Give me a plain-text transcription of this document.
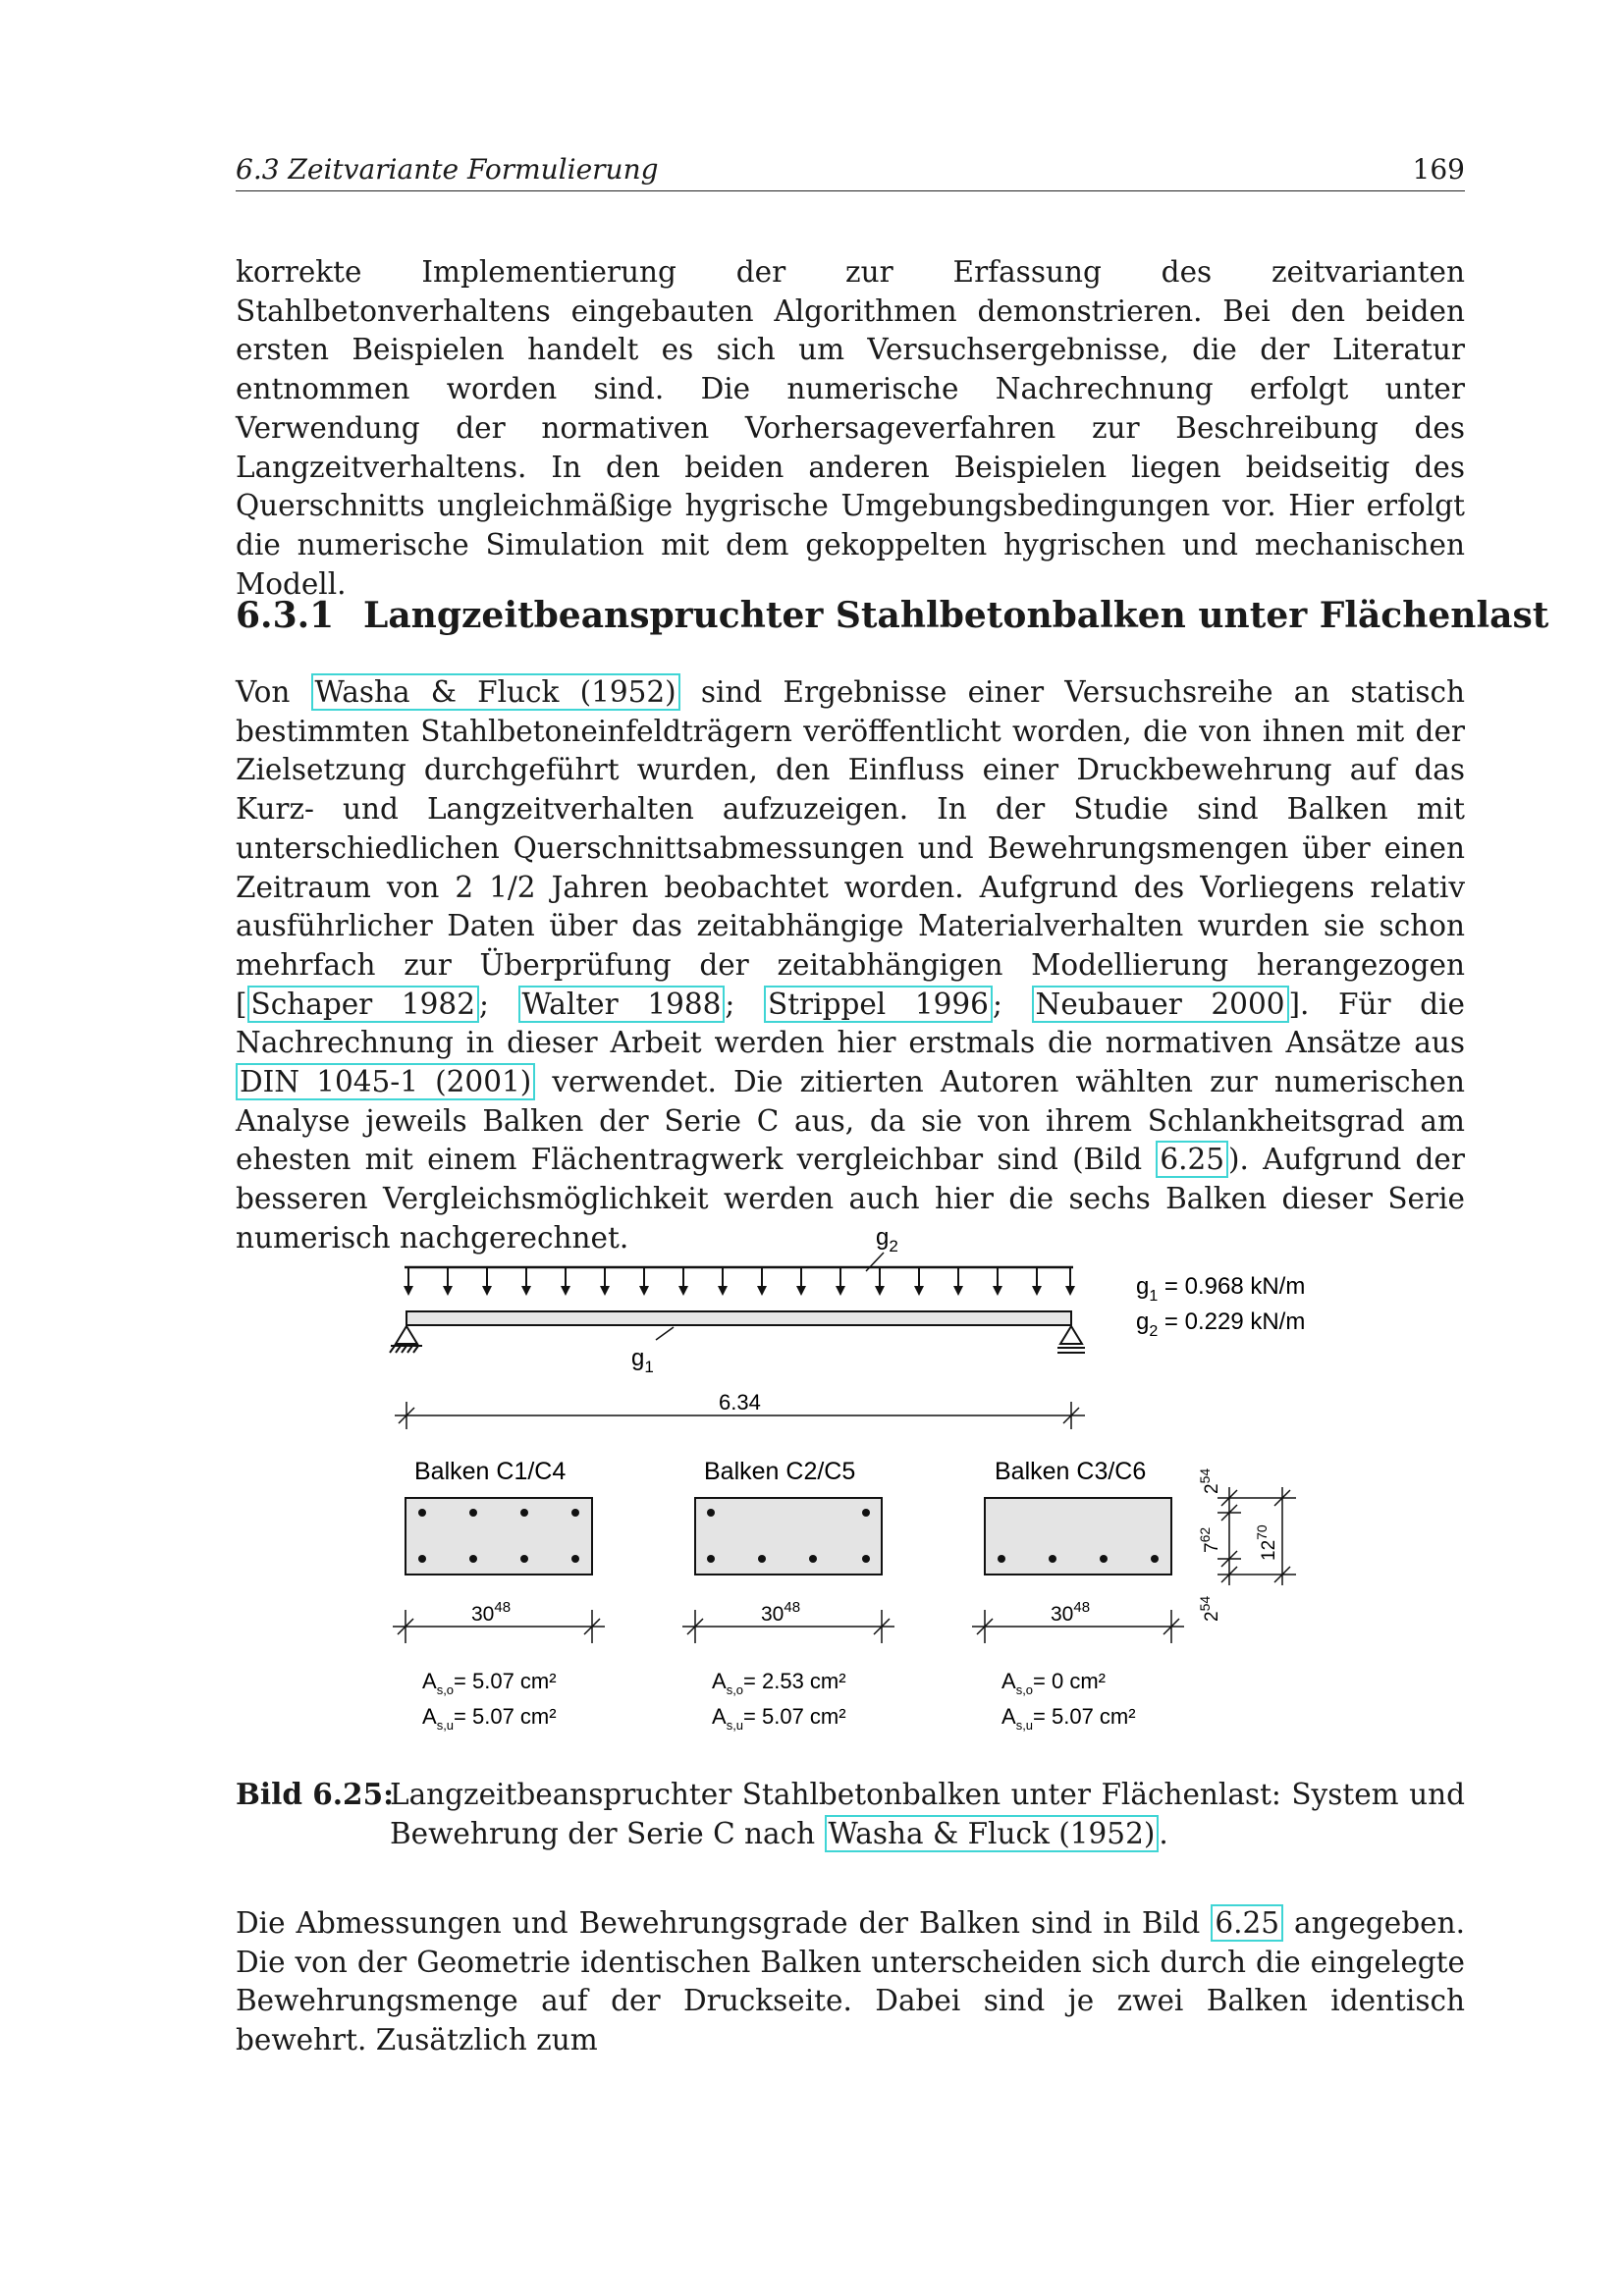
6.3 Zeitvariante Formulierung	169

korrekte Implementierung der zur Erfassung des zeitvarianten Stahlbetonverhaltens eingebauten Algorithmen demonstrieren. Bei den beiden ersten Beispielen handelt es sich um Versuchsergebnisse, die der Literatur entnommen worden sind. Die numerische Nachrechnung erfolgt unter Verwendung der normativen Vorhersageverfahren zur Beschreibung des Langzeitverhaltens. In den beiden anderen Beispielen liegen beidseitig des Querschnitts ungleichmäßige hygrische Umgebungsbedingungen vor. Hier erfolgt die numerische Simulation mit dem gekoppelten hygrischen und mechanischen Modell.

6.3.1 Langzeitbeanspruchter Stahlbetonbalken unter Flächenlast

Von Washa & Fluck (1952) sind Ergebnisse einer Versuchsreihe an statisch bestimmten Stahlbetoneinfeldträgern veröffentlicht worden, die von ihnen mit der Zielsetzung durchgeführt wurden, den Einfluss einer Druckbewehrung auf das Kurz- und Langzeitverhalten aufzuzeigen. In der Studie sind Balken mit unterschiedlichen Querschnittsabmessungen und Bewehrungsmengen über einen Zeitraum von 2 1/2 Jahren beobachtet worden. Aufgrund des Vorliegens relativ ausführlicher Daten über das zeitabhängige Materialverhalten wurden sie schon mehrfach zur Überprüfung der zeitabhängigen Modellierung herangezogen [ Schaper 1982 ; Walter 1988 ; Strippel 1996 ; Neubauer 2000 ]. Für die Nachrechnung in dieser Arbeit werden hier erstmals die normativen Ansätze aus DIN 1045-1 (2001) verwendet. Die zitierten Autoren wählten zur numerischen Analyse jeweils Balken der Serie C aus, da sie von ihrem Schlankheitsgrad am ehesten mit einem Flächentragwerk vergleichbar sind (Bild 6.25 ). Aufgrund der besseren Vergleichsmöglichkeit werden auch hier die sechs Balken dieser Serie numerisch nachgerechnet.	$g_2$
$g_1$
$g_1 = 0.968$ kN/m
$g_2 = 0.229$ kN/m
6.34
Balken C1/C4
$30^{48}$
$A_{s,o}= 5.07$ cm²
$A_{s,u}= 5.07$ cm²
Balken C2/C5
$30^{48}$
$A_{s,o}= 2.53$ cm²
$A_{s,u}= 5.07$ cm²
Balken C3/C6
$30^{48}$
$A_{s,o}= 0$ cm²
$A_{s,u}= 5.07$ cm²
$2^{54}$
$7^{62}$
$2^{54}$
$12^{70}$
Bild 6.25:
Langzeitbeanspruchter Stahlbetonbalken unter Flächenlast: System und Bewehrung der Serie C nach Washa & Fluck (1952) .

Die Abmessungen und Bewehrungsgrade der Balken sind in Bild 6.25 angegeben. Die von der Geometrie identischen Balken unterscheiden sich durch die eingelegte Bewehrungsmenge auf der Druckseite. Dabei sind je zwei Balken identisch bewehrt. Zusätzlich zum
